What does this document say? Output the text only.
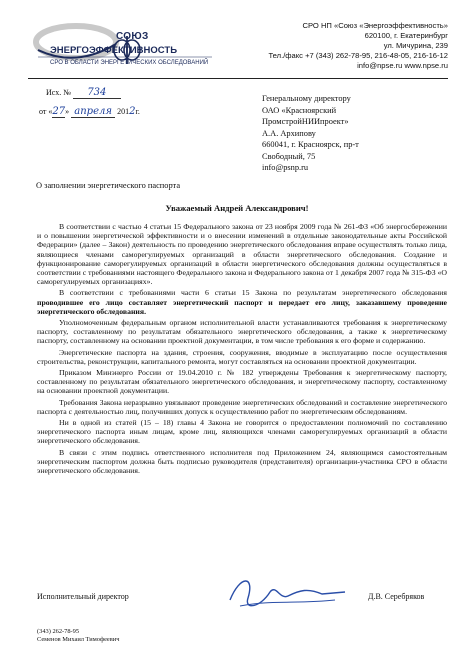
СОЮЗ
ЭНЕРГОЭФФЕКТИВНОСТЬ
СРО В ОБЛАСТИ ЭНЕРГЕТИЧЕСКИХ ОБСЛЕДОВАНИЙ
СРО НП «Союз «Энергоэффективность»
620100, г. Екатеринбург
ул. Мичурина, 239
Тел./факс +7 (343) 262-78-95, 216-48-05, 216-16-12
info@npse.ru www.npse.ru
Исх. № 734
от «27» апреля 2012г.
Генеральному директору
ОАО «Красноярский
ПромстройНИИпроект»
А.А. Архипову
660041, г. Красноярск, пр-т
Свободный, 75
info@psnp.ru
О заполнении энергетического паспорта
Уважаемый Андрей Александрович!

В соответствии с частью 4 статьи 15 Федерального закона от 23 ноября 2009 года № 261-ФЗ «Об энергосбережении и о повышении энергетической эффективности и о внесении изменений в отдельные законодательные акты Российской Федерации» (далее – Закон) деятельность по проведению энергетического обследования вправе осуществлять только лица, являющиеся членами саморегулируемых организаций в области энергетического обследования. Создание и функционирование саморегулируемых организаций в области энергетического обследования должны осуществляться в соответствии с требованиями настоящего Федерального закона и Федерального закона от 1 декабря 2007 года № 315-ФЗ «О саморегулируемых организациях».

В соответствии с требованиями части 6 статьи 15 Закона по результатам энергетического обследования проводившее его лицо составляет энергетический паспорт и передает его лицу, заказавшему проведение энергетического обследования.

Уполномоченным федеральным органом исполнительной власти устанавливаются требования к энергетическому паспорту, составленному по результатам обязательного энергетического обследования, а также к энергетическому паспорту, составленному на основании проектной документации, в том числе требования к его форме и содержанию.

Энергетические паспорта на здания, строения, сооружения, вводимые в эксплуатацию после осуществления строительства, реконструкции, капитального ремонта, могут составляться на основании проектной документации.

Приказом Минэнерго России от 19.04.2010 г. № 182 утверждены Требования к энергетическому паспорту, составленному по результатам обязательного энергетического обследования, и энергетическому паспорту, составленному на основании проектной документации.

Требования Закона неразрывно увязывают проведение энергетических обследований и составление энергетического паспорта с деятельностью лиц, получивших допуск к осуществлению работ по энергетическим обследованиям.

Ни в одной из статей (15 – 18) главы 4 Закона не говорится о предоставлении полномочий по составлению энергетического паспорта иным лицам, кроме лиц, являющихся членами саморегулируемых организаций в области энергетического обследования.

В связи с этим подпись ответственного исполнителя под Приложением 24, являющимся самостоятельным энергетическим паспортом должна быть подписью руководителя (представителя) организации-участника СРО в области энергетического обследования.

Исполнительный директор	Д.В. Серебряков
(343) 262-78-95
Семенов Михаил Тимофеевич
